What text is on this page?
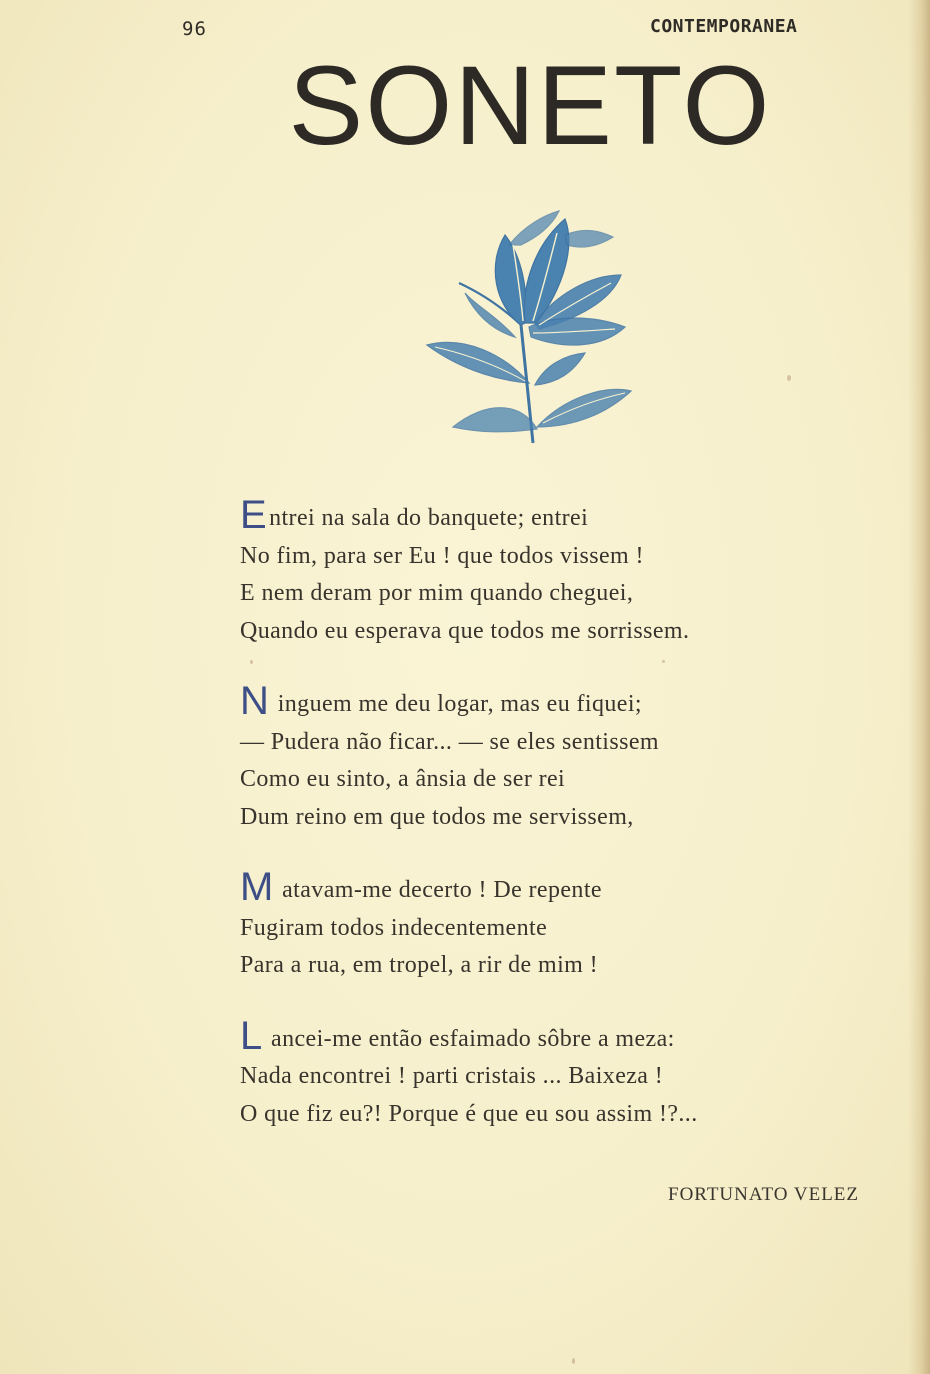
96	CONTEMPORANEA
SONETO
Entrei na sala do banquete; entrei
No fim, para ser Eu ! que todos vissem !
E nem deram por mim quando cheguei,
Quando eu esperava que todos me sorrissem.
N inguem me deu logar, mas eu fiquei;
— Pudera não ficar... — se eles sentissem
Como eu sinto, a ânsia de ser rei
Dum reino em que todos me servissem,
M atavam-me decerto ! De repente
Fugiram todos indecentemente
Para a rua, em tropel, a rir de mim !
L ancei-me então esfaimado sôbre a meza:
Nada encontrei ! parti cristais ... Baixeza !
O que fiz eu?! Porque é que eu sou assim !?...
FORTUNATO VELEZ
